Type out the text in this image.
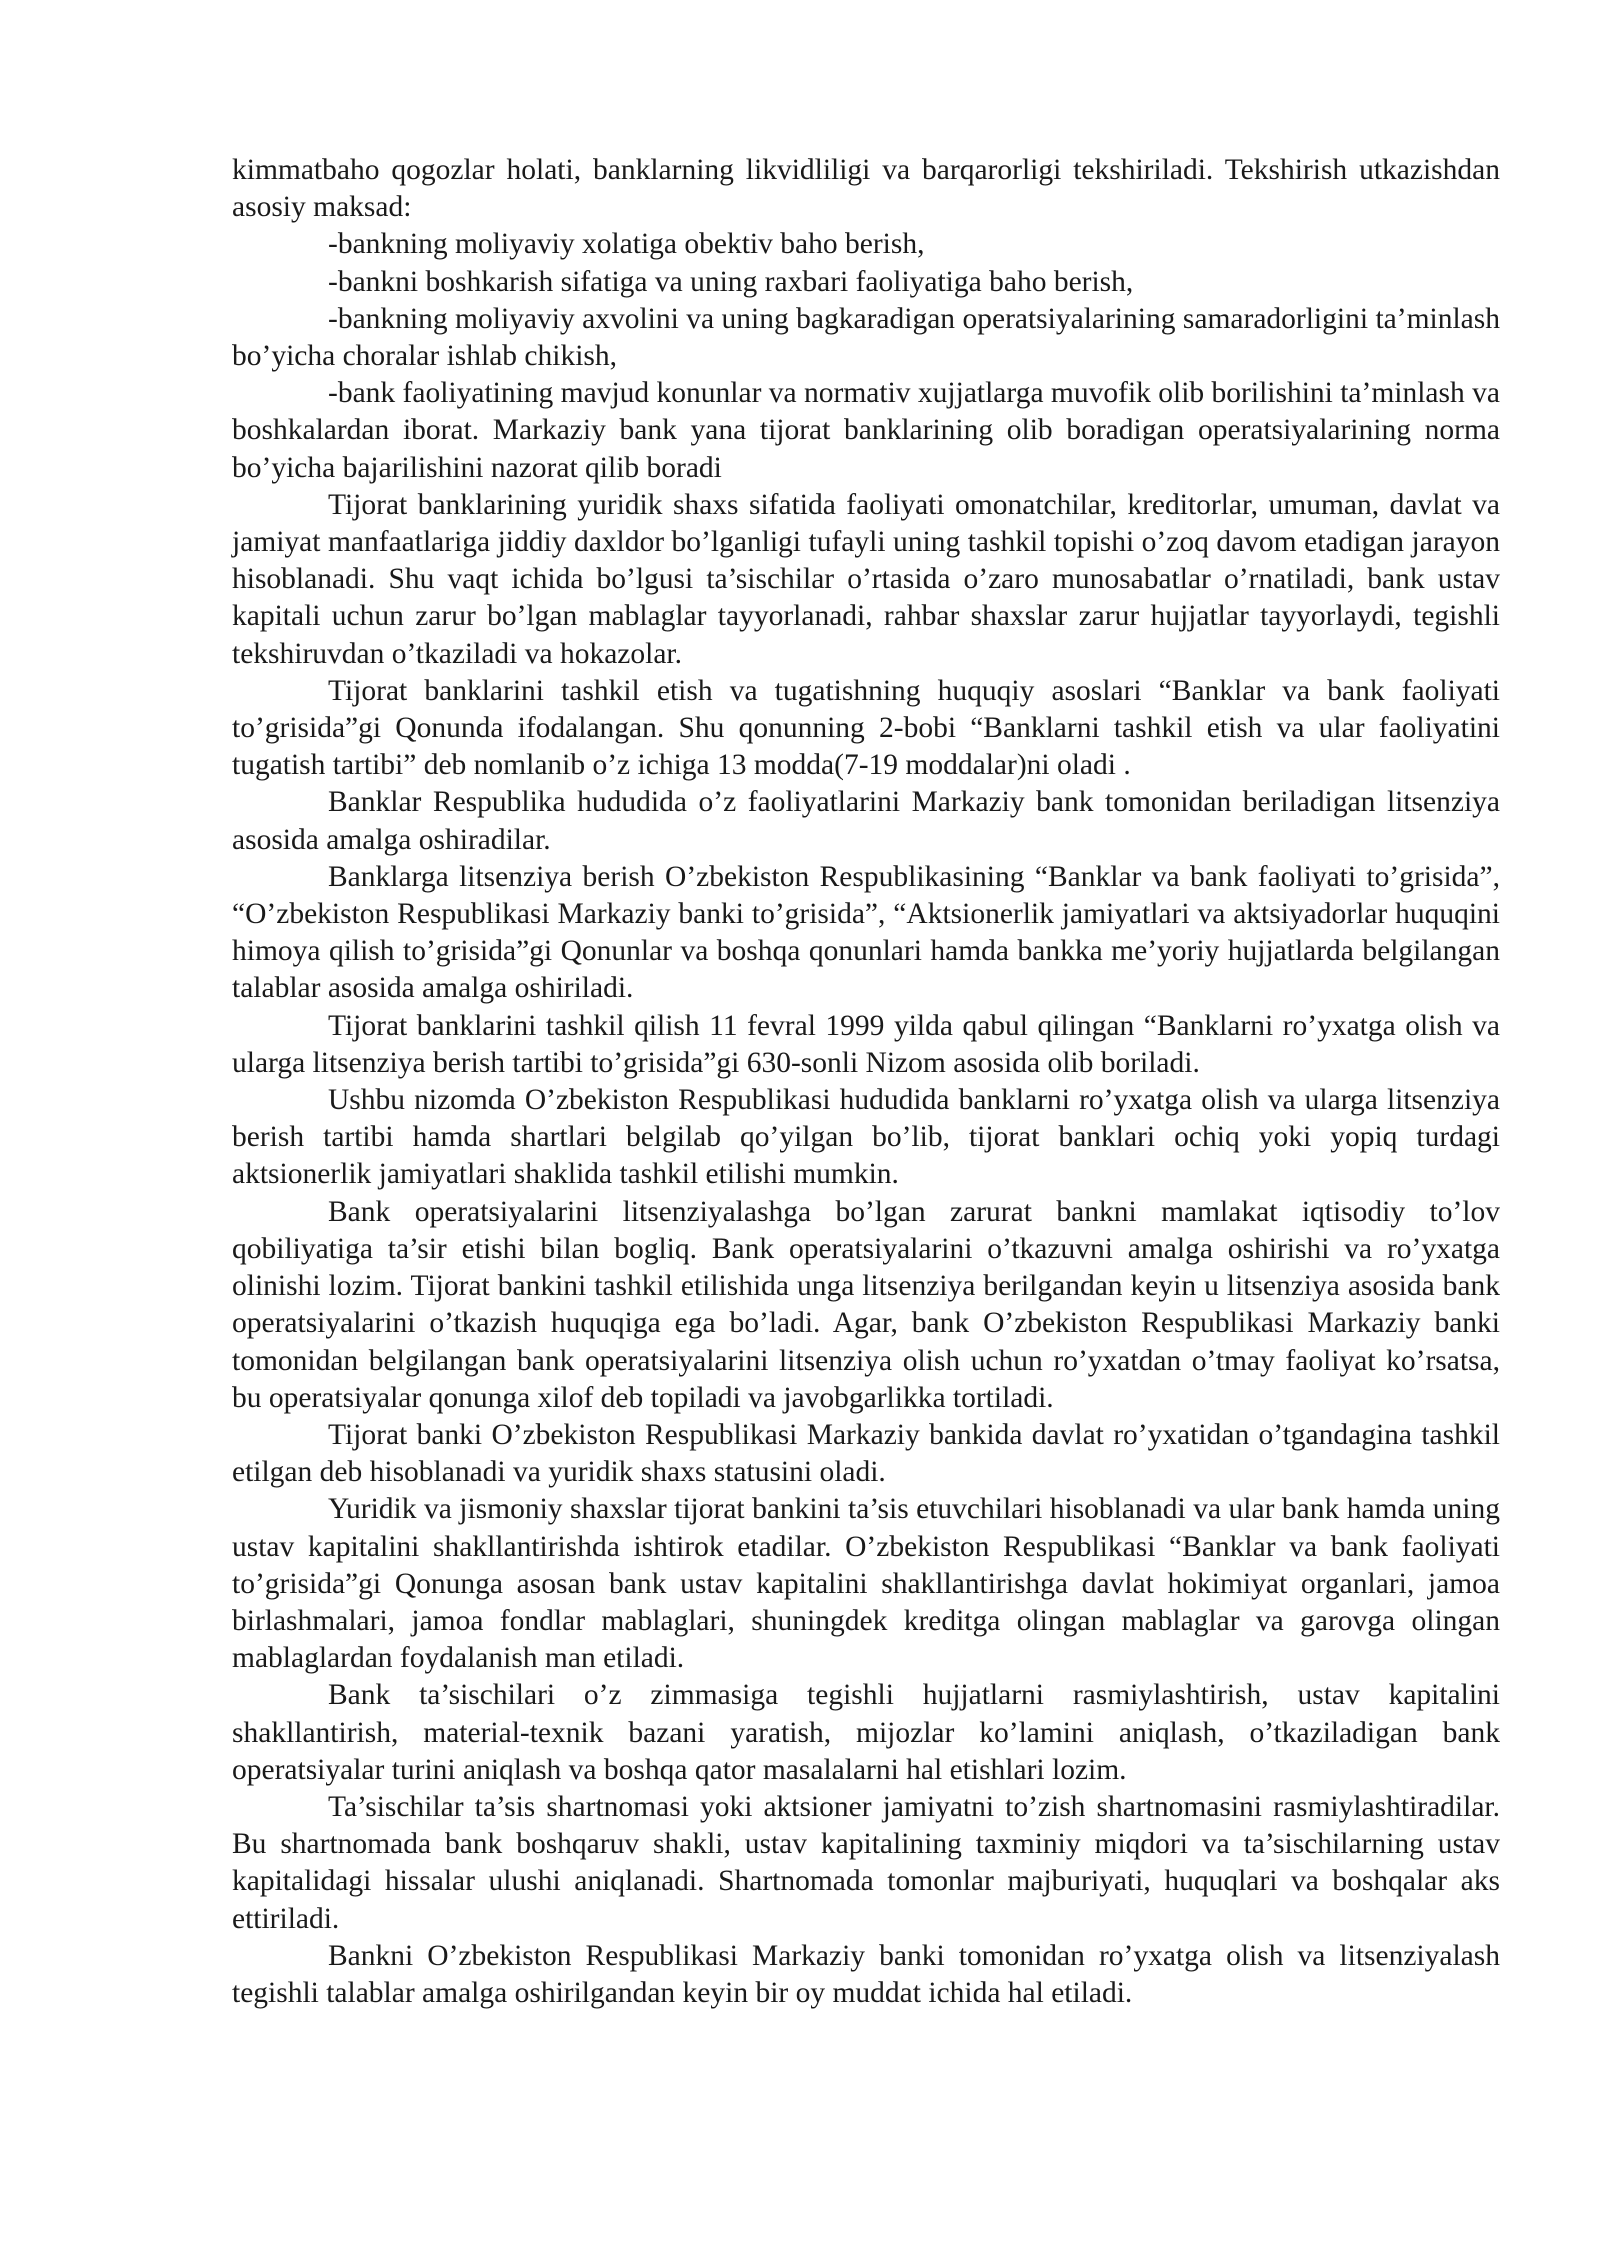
kimmatbaho qogozlar holati, banklarning likvidliligi va barqarorligi tekshiriladi. Tekshirish utkazishdan asosiy maksad:

-bankning moliyaviy xolatiga obektiv baho berish,

-bankni boshkarish sifatiga va uning raxbari faoliyatiga baho berish,

-bankning moliyaviy axvolini va uning bagkaradigan operatsiyalarining samaradorligini ta’minlash bo’yicha choralar ishlab chikish,

-bank faoliyatining mavjud konunlar va normativ xujjatlarga muvofik olib borilishini ta’minlash va boshkalardan iborat. Markaziy bank yana tijorat banklarining olib boradigan operatsiyalarining norma bo’yicha bajarilishini nazorat qilib boradi

Tijorat banklarining yuridik shaxs sifatida faoliyati omonatchilar, kreditorlar, umuman, davlat va jamiyat manfaatlariga jiddiy daxldor bo’lganligi tufayli uning tashkil topishi o’zoq davom etadigan jarayon hisoblanadi. Shu vaqt ichida bo’lgusi ta’sischilar o’rtasida o’zaro munosabatlar o’rnatiladi, bank ustav kapitali uchun zarur bo’lgan mablaglar tayyorlanadi, rahbar shaxslar zarur hujjatlar tayyorlaydi, tegishli tekshiruvdan o’tkaziladi va hokazolar.

Tijorat banklarini tashkil etish va tugatishning huquqiy asoslari “Banklar va bank faoliyati to’grisida”gi Qonunda ifodalangan. Shu qonunning 2-bobi “Banklarni tashkil etish va ular faoliyatini tugatish tartibi” deb nomlanib o’z ichiga 13 modda(7-19 moddalar)ni oladi .

Banklar Respublika hududida o’z faoliyatlarini Markaziy bank tomonidan beriladigan litsenziya asosida amalga oshiradilar.

Banklarga litsenziya berish O’zbekiston Respublikasining “Banklar va bank faoliyati to’grisida”, “O’zbekiston Respublikasi Markaziy banki to’grisida”, “Aktsionerlik jamiyatlari va aktsiyadorlar huquqini himoya qilish to’grisida”gi Qonunlar va boshqa qonunlari hamda bankka me’yoriy hujjatlarda belgilangan talablar asosida amalga oshiriladi.

Tijorat banklarini tashkil qilish 11 fevral 1999 yilda qabul qilingan “Banklarni ro’yxatga olish va ularga litsenziya berish tartibi to’grisida”gi 630-sonli Nizom asosida olib boriladi.

Ushbu nizomda O’zbekiston Respublikasi hududida banklarni ro’yxatga olish va ularga litsenziya berish tartibi hamda shartlari belgilab qo’yilgan bo’lib, tijorat banklari ochiq yoki yopiq turdagi aktsionerlik jamiyatlari shaklida tashkil etilishi mumkin.

Bank operatsiyalarini litsenziyalashga bo’lgan zarurat bankni mamlakat iqtisodiy to’lov qobiliyatiga ta’sir etishi bilan bogliq. Bank operatsiyalarini o’tkazuvni amalga oshirishi va ro’yxatga olinishi lozim. Tijorat bankini tashkil etilishida unga litsenziya berilgandan keyin u litsenziya asosida bank operatsiyalarini o’tkazish huquqiga ega bo’ladi. Agar, bank O’zbekiston Respublikasi Markaziy banki tomonidan belgilangan bank operatsiyalarini litsenziya olish uchun ro’yxatdan o’tmay faoliyat ko’rsatsa, bu operatsiyalar qonunga xilof deb topiladi va javobgarlikka tortiladi.

Tijorat banki O’zbekiston Respublikasi Markaziy bankida davlat ro’yxatidan o’tgandagina tashkil etilgan deb hisoblanadi va yuridik shaxs statusini oladi.

Yuridik va jismoniy shaxslar tijorat bankini ta’sis etuvchilari hisoblanadi va ular bank hamda uning ustav kapitalini shakllantirishda ishtirok etadilar. O’zbekiston Respublikasi “Banklar va bank faoliyati to’grisida”gi Qonunga asosan bank ustav kapitalini shakllantirishga davlat hokimiyat organlari, jamoa birlashmalari, jamoa fondlar mablaglari, shuningdek kreditga olingan mablaglar va garovga olingan mablaglardan foydalanish man etiladi.

Bank ta’sischilari o’z zimmasiga tegishli hujjatlarni rasmiylashtirish, ustav kapitalini shakllantirish, material-texnik bazani yaratish, mijozlar ko’lamini aniqlash, o’tkaziladigan bank operatsiyalar turini aniqlash va boshqa qator masalalarni hal etishlari lozim.

Ta’sischilar ta’sis shartnomasi yoki aktsioner jamiyatni to’zish shartnomasini rasmiylashtiradilar. Bu shartnomada bank boshqaruv shakli, ustav kapitalining taxminiy miqdori va ta’sischilarning ustav kapitalidagi hissalar ulushi aniqlanadi. Shartnomada tomonlar majburiyati, huquqlari va boshqalar aks ettiriladi.

Bankni O’zbekiston Respublikasi Markaziy banki tomonidan ro’yxatga olish va litsenziyalash tegishli talablar amalga oshirilgandan keyin bir oy muddat ichida hal etiladi.
